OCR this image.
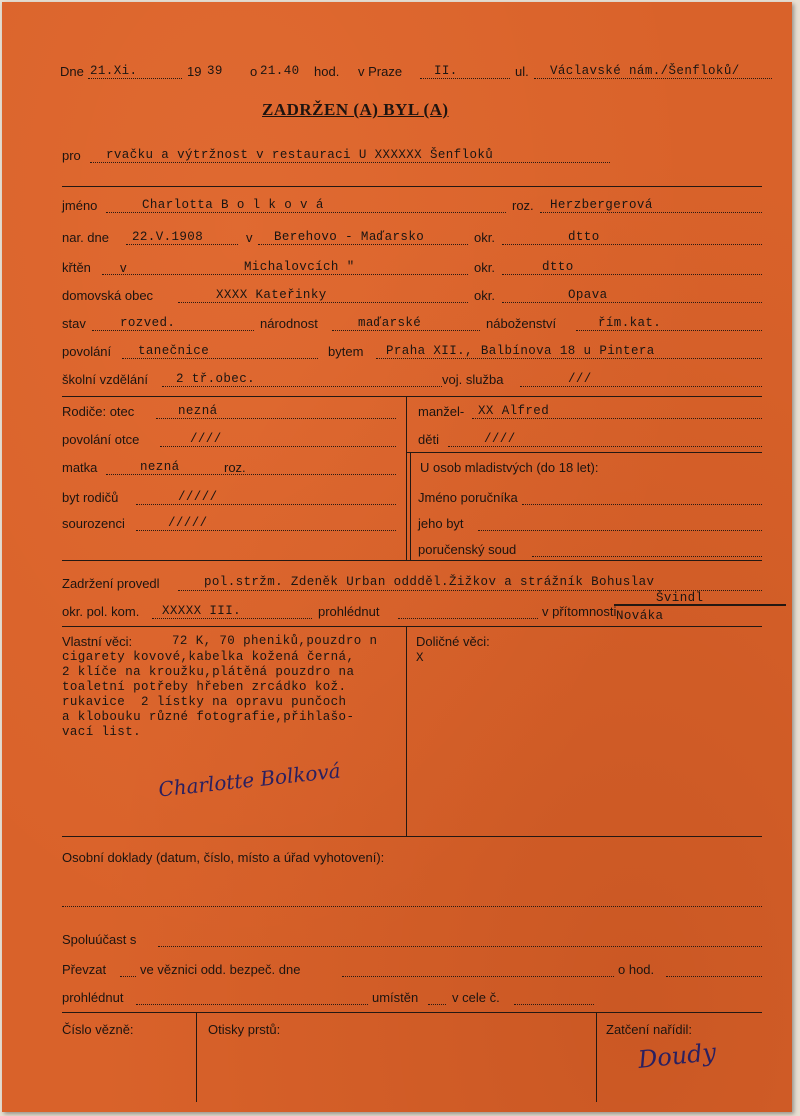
Dne 21.Xi.	19 39 o 21.40 hod. v Praze	II.	ul. Václavské nám./Šenfloků/
ZADRŽEN (A) BYL (A)
pro rvačku a výtržnost v restauraci U XXXXXX Šenfloků
jméno	Charlotta B o l k o v á	roz. Herzbergerová
nar. dne 22.V.1908	v Berehovo - Maďarsko	okr.	dtto
křtěn v	Michalovcích "	okr.	dtto
domovská obec	XXXX Kateřinky	okr.	Opava
stav	rozved.	národnost	maďarské	náboženství	řím.kat.
povolání tanečnice	bytem Praha XII., Balbínova 18 u Pintera
školní vzdělání 2 tř.obec.	voj. služba	///
Rodiče: otec	nezná
povolání otce	////
matka	nezná	roz.
byt rodičů	/////
sourozenci	/////
manžel- XX Alfred
děti	////
U osob mladistvých (do 18 let):
Jméno poručníka
jeho byt
poručenský soud
Zadržení provedl	pol.stržm. Zdeněk Urban oddděl.Žižkov a strážník Bohuslav
Švindl
okr. pol. kom. XXXXX III.	prohlédnut	v přítomnosti Nováka
Vlastní věci:	72 K, 70 pheniků,pouzdro n
cigarety kovové,kabelka kožená černá,
2 klíče na kroužku,plátěná pouzdro na
toaletní potřeby hřeben zrcádko kož.
rukavice  2 lístky na opravu punčoch
a klobouku různé fotografie,přihlašo-
vací list.
Doličné věci:
X
Charlotte Bolková
Osobní doklady (datum, číslo, místo a úřad vyhotovení):
Spoluúčast s
Převzat	ve věznici odd. bezpeč. dne	o hod.
prohlédnut	umístěn	v cele č.
Číslo vězně:	Otisky prstů:	Zatčení nařídil:
Doudy
